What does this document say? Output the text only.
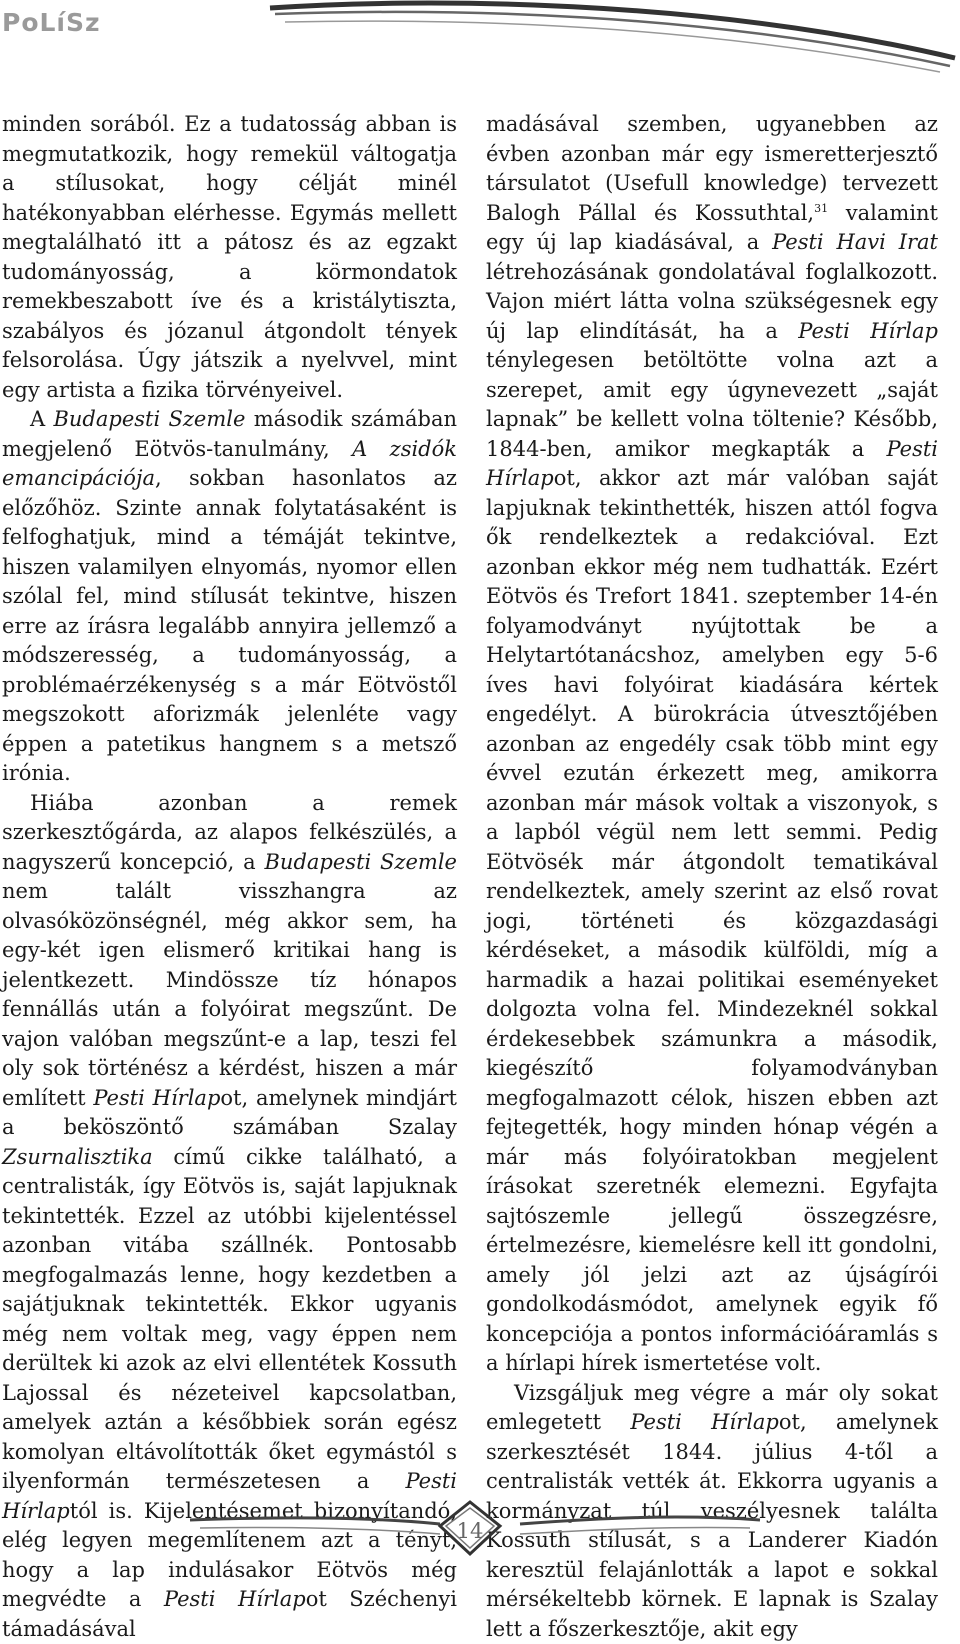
PoLíSz

minden sorából. Ez a tudatosság abban is megmutatkozik, hogy remekül váltogatja a stílusokat, hogy célját minél hatékonyabban elérhesse. Egymás mellett megtalálható itt a pátosz és az egzakt tudományosság, a körmondatok remekbeszabott íve és a kristálytiszta, szabályos és józanul átgondolt tények felsorolása. Úgy játszik a nyelvvel, mint egy artista a fizika törvényeivel.

A Budapesti Szemle második számában megjelenő Eötvös-tanulmány, A zsidók emancipációja, sokban hasonlatos az előzőhöz. Szinte annak folytatásaként is felfoghatjuk, mind a témáját tekintve, hiszen valamilyen elnyomás, nyomor ellen szólal fel, mind stílusát tekintve, hiszen erre az írásra legalább annyira jellemző a módszeresség, a tudományosság, a problémaérzékenység s a már Eötvöstől megszokott aforizmák jelenléte vagy éppen a patetikus hangnem s a metsző irónia.

Hiába azonban a remek szerkesztőgárda, az alapos felkészülés, a nagyszerű koncepció, a Budapesti Szemle nem talált visszhangra az olvasóközönségnél, még akkor sem, ha egy-két igen elismerő kritikai hang is jelentkezett. Mindössze tíz hónapos fennállás után a folyóirat megszűnt. De vajon valóban megszűnt-e a lap, teszi fel oly sok történész a kérdést, hiszen a már említett Pesti Hírlapot, amelynek mindjárt a beköszöntő számában Szalay Zsurnalisztika című cikke található, a centralisták, így Eötvös is, saját lapjuknak tekintették. Ezzel az utóbbi kijelentéssel azonban vitába szállnék. Pontosabb megfogalmazás lenne, hogy kezdetben a sajátjuknak tekintették. Ekkor ugyanis még nem voltak meg, vagy éppen nem derültek ki azok az elvi ellentétek Kossuth Lajossal és nézeteivel kapcsolatban, amelyek aztán a későbbiek során egész komolyan eltávolították őket egymástól s ilyenformán természetesen a Pesti Hírlaptól is. Kijelentésemet bizonyítandó, elég legyen megemlítenem azt a tényt, hogy a lap indulásakor Eötvös még megvédte a Pesti Hírlapot Széchenyi támadásával

madásával szemben, ugyanebben az évben azonban már egy ismeretterjesztő társulatot (Usefull knowledge) tervezett Balogh Pállal és Kossuthtal,$^{31}$ valamint egy új lap kiadásával, a Pesti Havi Irat létrehozásának gondolatával foglalkozott. Vajon miért látta volna szükségesnek egy új lap elindítását, ha a Pesti Hírlap ténylegesen betöltötte volna azt a szerepet, amit egy úgynevezett „saját lapnak” be kellett volna töltenie? Később, 1844-ben, amikor megkapták a Pesti Hírlapot, akkor azt már valóban saját lapjuknak tekinthették, hiszen attól fogva ők rendelkeztek a redakcióval. Ezt azonban ekkor még nem tudhatták. Ezért Eötvös és Trefort 1841. szeptember 14-én folyamodványt nyújtottak be a Helytartótanácshoz, amelyben egy 5-6 íves havi folyóirat kiadására kértek engedélyt. A bürokrácia útvesztőjében azonban az engedély csak több mint egy évvel ezután érkezett meg, amikorra azonban már mások voltak a viszonyok, s a lapból végül nem lett semmi. Pedig Eötvösék már átgondolt tematikával rendelkeztek, amely szerint az első rovat jogi, történeti és közgazdasági kérdéseket, a második külföldi, míg a harmadik a hazai politikai eseményeket dolgozta volna fel. Mindezeknél sokkal érdekesebbek számunkra a második, kiegészítő folyamodványban megfogalmazott célok, hiszen ebben azt fejtegették, hogy minden hónap végén a már más folyóiratokban megjelent írásokat szeretnék elemezni. Egyfajta sajtószemle jellegű összegzésre, értelmezésre, kiemelésre kell itt gondolni, amely jól jelzi azt az újságírói gondolkodásmódot, amelynek egyik fő koncepciója a pontos információáramlás s a hírlapi hírek ismertetése volt.

Vizsgáljuk meg végre a már oly sokat emlegetett Pesti Hírlapot, amelynek szerkesztését 1844. július 4-től a centralisták vették át. Ekkorra ugyanis a kormányzat túl veszélyesnek találta Kossuth stílusát, s a Landerer Kiadón keresztül felajánlották a lapot e sokkal mérsékeltebb körnek. E lapnak is Szalay lett a főszerkesztője, akit egy

14
